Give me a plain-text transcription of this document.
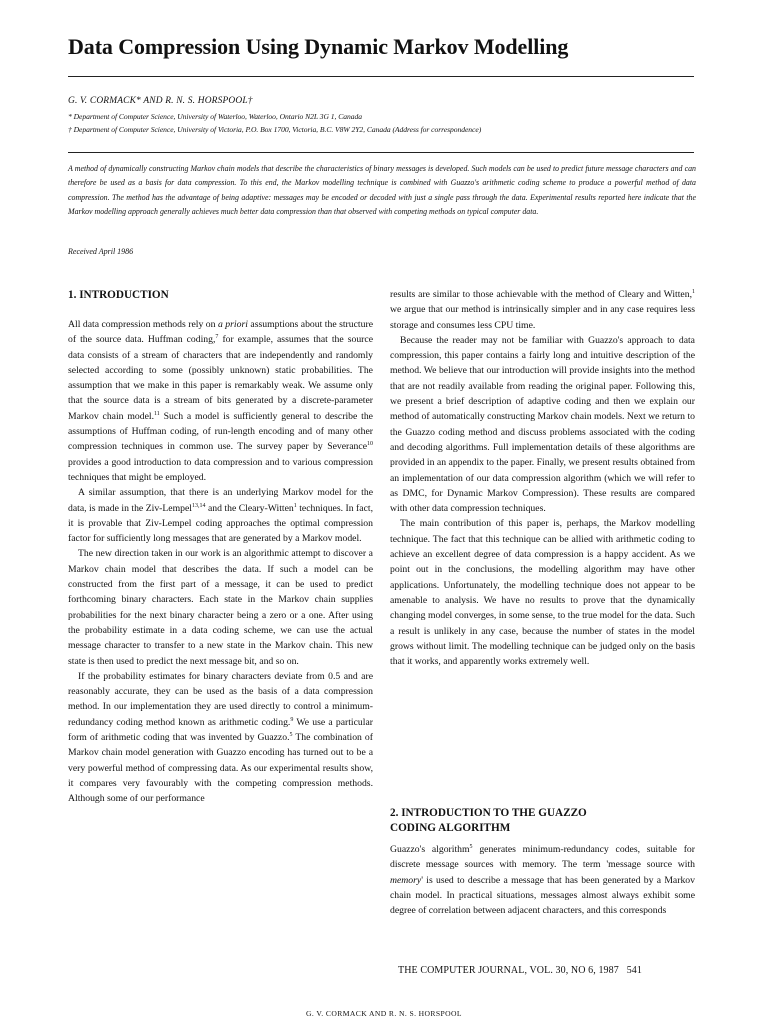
Data Compression Using Dynamic Markov Modelling
G. V. CORMACK* AND R. N. S. HORSPOOL†
* Department of Computer Science, University of Waterloo, Waterloo, Ontario N2L 3G 1, Canada
† Department of Computer Science, University of Victoria, P.O. Box 1700, Victoria, B.C. V8W 2Y2, Canada (Address for correspondence)
A method of dynamically constructing Markov chain models that describe the characteristics of binary messages is developed. Such models can be used to predict future message characters and can therefore be used as a basis for data compression. To this end, the Markov modelling technique is combined with Guazzo's arithmetic coding scheme to produce a powerful method of data compression. The method has the advantage of being adaptive: messages may be encoded or decoded with just a single pass through the data. Experimental results reported here indicate that the Markov modelling approach generally achieves much better data compression than that observed with competing methods on typical computer data.
Received April 1986
1. INTRODUCTION

All data compression methods rely on a priori assumptions about the structure of the source data. Huffman coding,$^7$ for example, assumes that the source data consists of a stream of characters that are independently and randomly selected according to some (possibly unknown) static probabilities. The assumption that we make in this paper is remarkably weak. We assume only that the source data is a stream of bits generated by a discrete-parameter Markov chain model.$^{11}$ Such a model is sufficiently general to describe the assumptions of Huffman coding, of run-length encoding and of many other compression techniques in common use. The survey paper by Severance$^{10}$ provides a good introduction to data compression and to various compression techniques that might be employed.

A similar assumption, that there is an underlying Markov model for the data, is made in the Ziv-Lempel$^{13,14}$ and the Cleary-Witten$^1$ techniques. In fact, it is provable that Ziv-Lempel coding approaches the optimal compression factor for sufficiently long messages that are generated by a Markov model.

The new direction taken in our work is an algorithmic attempt to discover a Markov chain model that describes the data. If such a model can be constructed from the first part of a message, it can be used to predict forthcoming binary characters. Each state in the Markov chain supplies probabilities for the next binary character being a zero or a one. After using the probability estimate in a data coding scheme, we can use the actual message character to transfer to a new state in the Markov chain. This new state is then used to predict the next message bit, and so on.

If the probability estimates for binary characters deviate from 0.5 and are reasonably accurate, they can be used as the basis of a data compression method. In our implementation they are used directly to control a minimum-redundancy coding method known as arithmetic coding.$^9$ We use a particular form of arithmetic coding that was invented by Guazzo.$^5$ The combination of Markov chain model generation with Guazzo encoding has turned out to be a very powerful method of compressing data. As our experimental results show, it compares very favourably with the competing compression methods. Although some of our performance

results are similar to those achievable with the method of Cleary and Witten,$^1$ we argue that our method is intrinsically simpler and in any case requires less storage and consumes less CPU time.

Because the reader may not be familiar with Guazzo's approach to data compression, this paper contains a fairly long and intuitive description of the method. We believe that our introduction will provide insights into the method that are not readily available from reading the original paper. Following this, we present a brief description of adaptive coding and then we explain our method of automatically constructing Markov chain models. Next we return to the Guazzo coding method and discuss problems associated with the coding and decoding algorithms. Full implementation details of these algorithms are provided in an appendix to the paper. Finally, we present results obtained from an implementation of our data compression algorithm (which we will refer to as DMC, for Dynamic Markov Compression). These results are compared with other data compression techniques.

The main contribution of this paper is, perhaps, the Markov modelling technique. The fact that this technique can be allied with arithmetic coding to achieve an excellent degree of data compression is a happy accident. As we point out in the conclusions, the modelling algorithm may have other applications. Unfortunately, the modelling technique does not appear to be amenable to analysis. We have no results to prove that the dynamically changing model converges, in some sense, to the true model for the data. Such a result is unlikely in any case, because the number of states in the model grows without limit. The modelling technique can be judged only on the basis that it works, and apparently works extremely well.

2. INTRODUCTION TO THE GUAZZO
CODING ALGORITHM

Guazzo's algorithm$^5$ generates minimum-redundancy codes, suitable for discrete message sources with memory. The term 'message source with memory' is used to describe a message that has been generated by a Markov chain model. In practical situations, messages almost always exhibit some degree of correlation between adjacent characters, and this corresponds

THE COMPUTER JOURNAL, VOL. 30, NO 6, 1987 541
G. V. CORMACK AND R. N. S. HORSPOOL
